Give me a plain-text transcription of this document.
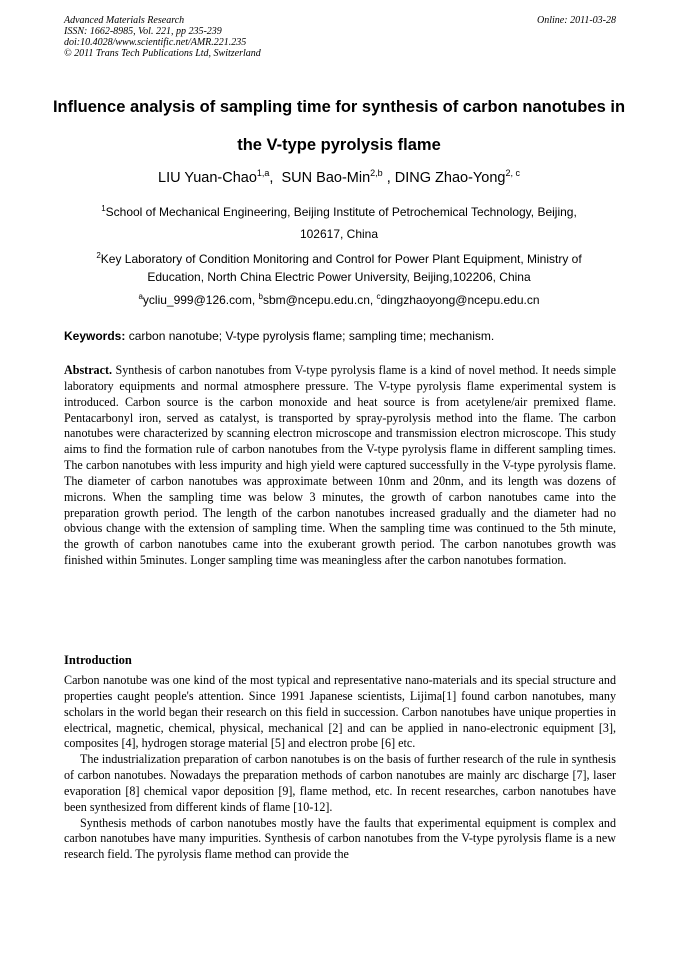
Advanced Materials Research
ISSN: 1662-8985, Vol. 221, pp 235-239
doi:10.4028/www.scientific.net/AMR.221.235
© 2011 Trans Tech Publications Ltd, Switzerland
Online: 2011-03-28
Influence analysis of sampling time for synthesis of carbon nanotubes in
the V-type pyrolysis flame
LIU Yuan-Chao$^{1,a}$,  SUN Bao-Min$^{2,b}$ , DING Zhao-Yong$^{2, c}$
$^1$School of Mechanical Engineering, Beijing Institute of Petrochemical Technology, Beijing,
102617, China
$^2$Key Laboratory of Condition Monitoring and Control for Power Plant Equipment, Ministry of
Education, North China Electric Power University, Beijing,102206, China
$^a$ycliu_999@126.com, $^b$sbm@ncepu.edu.cn, $^c$dingzhaoyong@ncepu.edu.cn
Keywords: carbon nanotube; V-type pyrolysis flame; sampling time; mechanism.
Abstract. Synthesis of carbon nanotubes from V-type pyrolysis flame is a kind of novel method. It needs simple laboratory equipments and normal atmosphere pressure. The V-type pyrolysis flame experimental system is introduced. Carbon source is the carbon monoxide and heat source is from acetylene/air premixed flame. Pentacarbonyl iron, served as catalyst, is transported by spray-pyrolysis method into the flame. The carbon nanotubes were characterized by scanning electron microscope and transmission electron microscope. This study aims to find the formation rule of carbon nanotubes from the V-type pyrolysis flame in different sampling times. The carbon nanotubes with less impurity and high yield were captured successfully in the V-type pyrolysis flame. The diameter of carbon nanotubes was approximate between 10nm and 20nm, and its length was dozens of microns. When the sampling time was below 3 minutes, the growth of carbon nanotubes came into the preparation growth period. The length of the carbon nanotubes increased gradually and the diameter had no obvious change with the extension of sampling time. When the sampling time was continued to the 5th minute, the growth of carbon nanotubes came into the exuberant growth period. The carbon nanotubes growth was finished within 5minutes. Longer sampling time was meaningless after the carbon nanotubes formation.
Introduction

Carbon nanotube was one kind of the most typical and representative nano-materials and its special structure and properties caught people's attention. Since 1991 Japanese scientists, Lijima[1] found carbon nanotubes, many scholars in the world began their research on this field in succession. Carbon nanotubes have unique properties in electrical, magnetic, chemical, physical, mechanical [2] and can be applied in nano-electronic equipment [3], composites [4], hydrogen storage material [5] and electron probe [6] etc.

The industrialization preparation of carbon nanotubes is on the basis of further research of the rule in synthesis of carbon nanotubes. Nowadays the preparation methods of carbon nanotubes are mainly arc discharge [7], laser evaporation [8] chemical vapor deposition [9], flame method, etc. In recent researches, carbon nanotubes have been synthesized from different kinds of flame [10-12].

Synthesis methods of carbon nanotubes mostly have the faults that experimental equipment is complex and carbon nanotubes have many impurities. Synthesis of carbon nanotubes from the V-type pyrolysis flame is a new research field. The pyrolysis flame method can provide the
